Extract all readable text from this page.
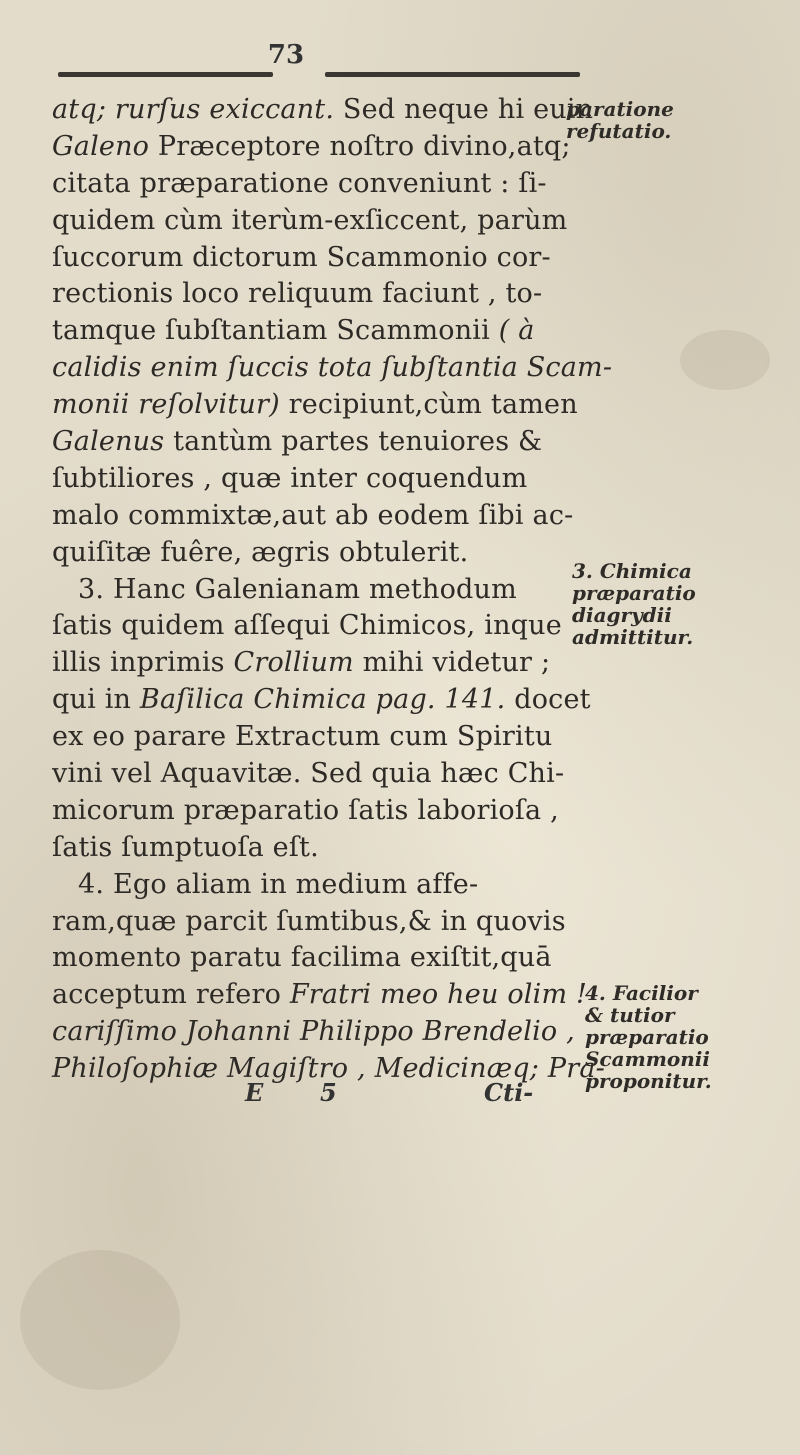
73
atq; rurſus exiccant. Sed neque hi euin
Galeno Præceptore noſtro divino,atq;
citata præparatione conveniunt : ſi-
quidem cùm iterùm-exſiccent, parùm
ſuccorum dictorum Scammonio cor-
rectionis loco reliquum faciunt , to-
tamque ſubſtantiam Scammonii ( à
calidis enim ſuccis tota ſubſtantia Scam-
monii reſolvitur) recipiunt,cùm tamen
Galenus tantùm partes tenuiores &
ſubtiliores , quæ inter coquendum
malo commixtæ,aut ab eodem ſibi ac-
quiſitæ fuêre, ægris obtulerit.
3. Hanc Galenianam methodum
ſatis quidem aſſequi Chimicos, inque
illis inprimis Crollium mihi videtur ;
qui in Baſilica Chimica pag. 141. docet
ex eo parare Extractum cum Spiritu
vini vel Aquavitæ. Sed quia hæc Chi-
micorum præparatio ſatis laborioſa ,
ſatis ſumptuoſa eſt.
4. Ego aliam in medium affe-
ram,quæ parcit ſumtibus,& in quovis
momento paratu facilima exiſtit,quā
acceptum refero Fratri meo heu olim !
cariſſimo Johanni Philippo Brendelio ,
Philoſophiæ Magiſtro , Medicinæq; Pra-
paratione
refutatio.
3. Chimica
præparatio
diagrydii
admittitur.
4. Facilior
& tutior
præparatio
Scammonii
proponitur.
E 5	Cti-
